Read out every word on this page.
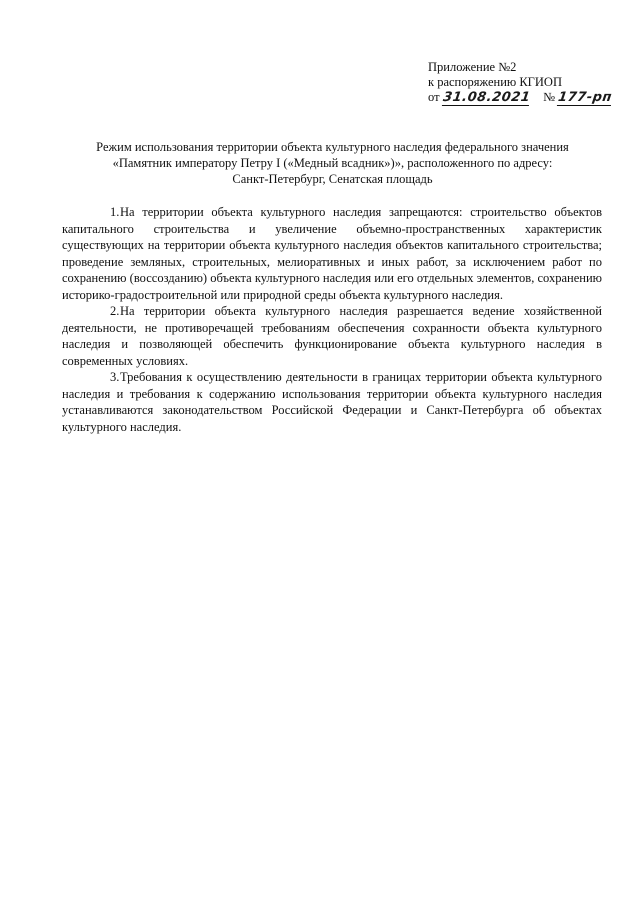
Приложение №2
к распоряжению КГИОП
от 31.08.2021 № 177-рп
Режим использования территории объекта культурного наследия федерального значения
«Памятник императору Петру I («Медный всадник»)», расположенного по адресу:
Санкт-Петербург, Сенатская площадь

1.На территории объекта культурного наследия запрещаются: строительство объектов капитального строительства и увеличение объемно-пространственных характеристик существующих на территории объекта культурного наследия объектов капитального строительства; проведение земляных, строительных, мелиоративных и иных работ, за исключением работ по сохранению (воссозданию) объекта культурного наследия или его отдельных элементов, сохранению историко-градостроительной или природной среды объекта культурного наследия.

2.На территории объекта культурного наследия разрешается ведение хозяйственной деятельности, не противоречащей требованиям обеспечения сохранности объекта культурного наследия и позволяющей обеспечить функционирование объекта культурного наследия в современных условиях.

3.Требования к осуществлению деятельности в границах территории объекта культурного наследия и требования к содержанию использования территории объекта культурного наследия устанавливаются законодательством Российской Федерации и Санкт-Петербурга об объектах культурного наследия.
